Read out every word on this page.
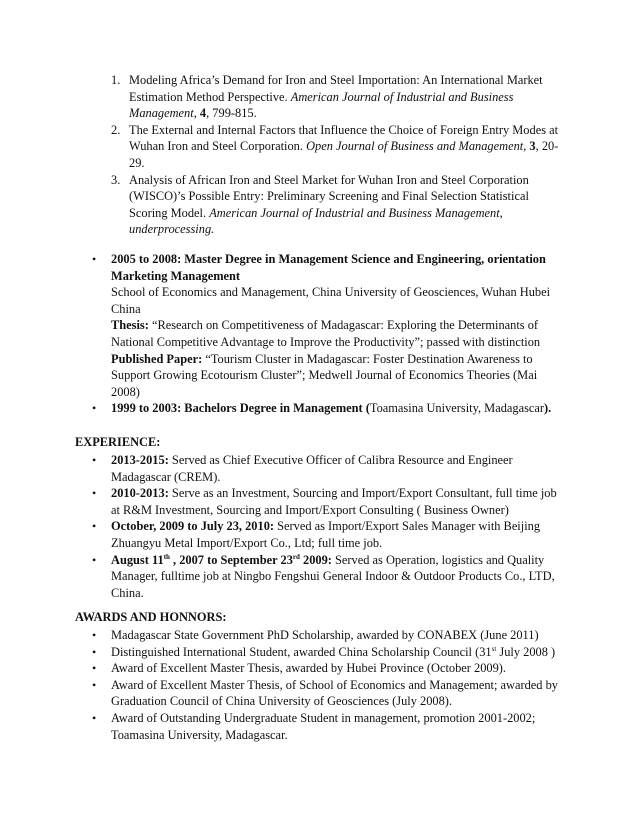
1. Modeling Africa’s Demand for Iron and Steel Importation: An International Market Estimation Method Perspective. American Journal of Industrial and Business Management, 4, 799-815.
2. The External and Internal Factors that Influence the Choice of Foreign Entry Modes at Wuhan Iron and Steel Corporation. Open Journal of Business and Management, 3, 20-29.
3. Analysis of African Iron and Steel Market for Wuhan Iron and Steel Corporation (WISCO)’s Possible Entry: Preliminary Screening and Final Selection Statistical Scoring Model. American Journal of Industrial and Business Management, underprocessing.
• 2005 to 2008: Master Degree in Management Science and Engineering, orientation Marketing Management
School of Economics and Management, China University of Geosciences, Wuhan Hubei China
Thesis: “Research on Competitiveness of Madagascar: Exploring the Determinants of National Competitive Advantage to Improve the Productivity”; passed with distinction
Published Paper: “Tourism Cluster in Madagascar: Foster Destination Awareness to Support Growing Ecotourism Cluster”; Medwell Journal of Economics Theories (Mai 2008)
• 1999 to 2003: Bachelors Degree in Management (Toamasina University, Madagascar).
EXPERIENCE:
• 2013-2015: Served as Chief Executive Officer of Calibra Resource and Engineer Madagascar (CREM).
• 2010-2013: Serve as an Investment, Sourcing and Import/Export Consultant, full time job at R&M Investment, Sourcing and Import/Export Consulting ( Business Owner)
• October, 2009 to July 23, 2010: Served as Import/Export Sales Manager with Beijing Zhuangyu Metal Import/Export Co., Ltd; full time job.
• August 11th , 2007 to September 23rd 2009: Served as Operation, logistics and Quality Manager, fulltime job at Ningbo Fengshui General Indoor & Outdoor Products Co., LTD, China.
AWARDS AND HONNORS:
• Madagascar State Government PhD Scholarship, awarded by CONABEX (June 2011)
• Distinguished International Student, awarded China Scholarship Council (31st July 2008 )
• Award of Excellent Master Thesis, awarded by Hubei Province (October 2009).
• Award of Excellent Master Thesis, of School of Economics and Management; awarded by Graduation Council of China University of Geosciences (July 2008).
• Award of Outstanding Undergraduate Student in management, promotion 2001-2002; Toamasina University, Madagascar.
